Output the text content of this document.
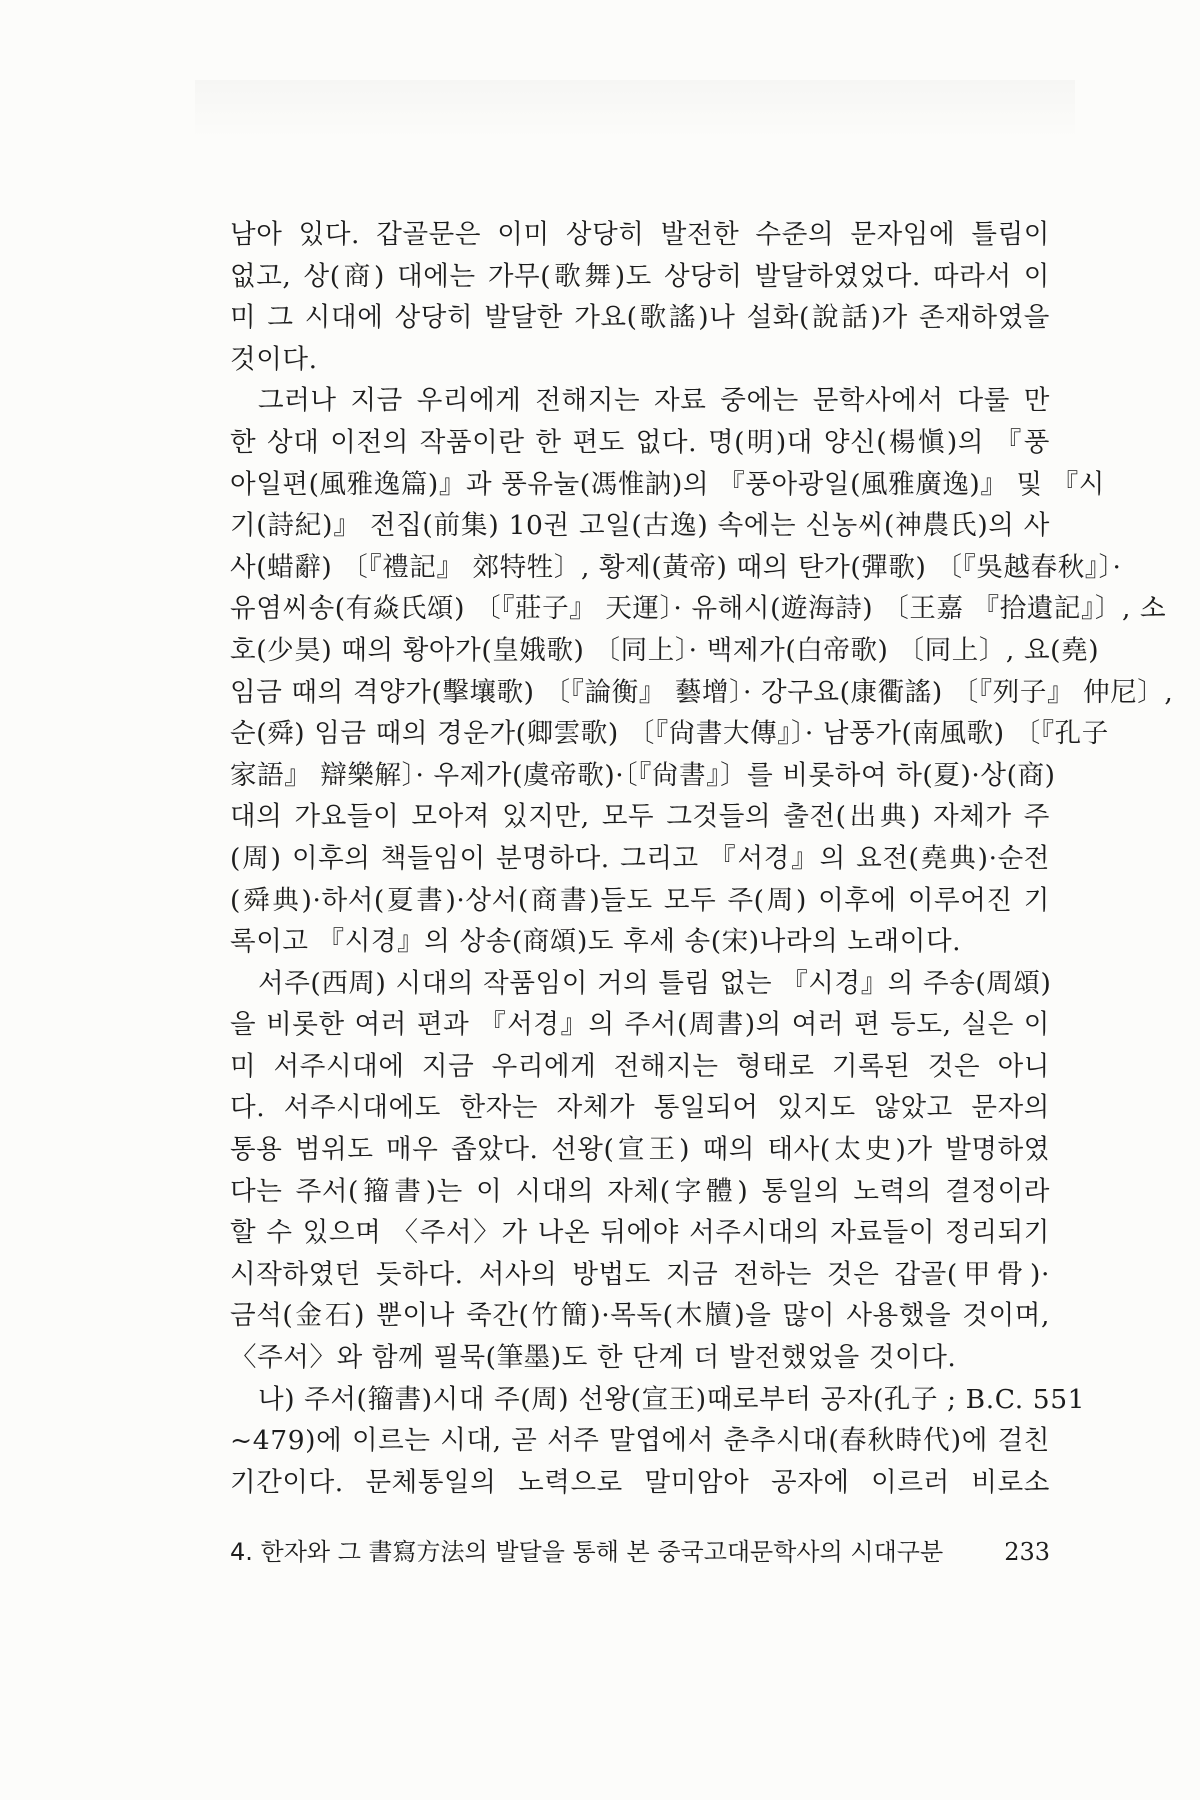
남아 있다. 갑골문은 이미 상당히 발전한 수준의 문자임에 틀림이
없고, 상(商) 대에는 가무(歌舞)도 상당히 발달하였었다. 따라서 이
미 그 시대에 상당히 발달한 가요(歌謠)나 설화(說話)가 존재하였을
것이다.
그러나 지금 우리에게 전해지는 자료 중에는 문학사에서 다룰 만
한 상대 이전의 작품이란 한 편도 없다. 명(明)대 양신(楊愼)의 『풍
아일편(風雅逸篇)』과 풍유눌(馮惟訥)의 『풍아광일(風雅廣逸)』 및 『시
기(詩紀)』 전집(前集) 10권 고일(古逸) 속에는 신농씨(神農氏)의 사
사(蜡辭) 〔『禮記』 郊特牲〕, 황제(黃帝) 때의 탄가(彈歌) 〔『吳越春秋』〕·
유염씨송(有焱氏頌) 〔『莊子』 天運〕· 유해시(遊海詩) 〔王嘉 『拾遺記』〕, 소
호(少昊) 때의 황아가(皇娥歌) 〔同上〕· 백제가(白帝歌) 〔同上〕, 요(堯)
임금 때의 격양가(擊壤歌) 〔『論衡』 藝增〕· 강구요(康衢謠) 〔『列子』 仲尼〕,
순(舜) 임금 때의 경운가(卿雲歌) 〔『尙書大傳』〕· 남풍가(南風歌) 〔『孔子
家語』 辯樂解〕· 우제가(虞帝歌)·〔『尙書』〕를 비롯하여 하(夏)·상(商)
대의 가요들이 모아져 있지만, 모두 그것들의 출전(出典) 자체가 주
(周) 이후의 책들임이 분명하다. 그리고 『서경』의 요전(堯典)·순전
(舜典)·하서(夏書)·상서(商書)들도 모두 주(周) 이후에 이루어진 기
록이고 『시경』의 상송(商頌)도 후세 송(宋)나라의 노래이다.
서주(西周) 시대의 작품임이 거의 틀림 없는 『시경』의 주송(周頌)
을 비롯한 여러 편과 『서경』의 주서(周書)의 여러 편 등도, 실은 이
미 서주시대에 지금 우리에게 전해지는 형태로 기록된 것은 아니
다. 서주시대에도 한자는 자체가 통일되어 있지도 않았고 문자의
통용 범위도 매우 좁았다. 선왕(宣王) 때의 태사(太史)가 발명하였
다는 주서(籀書)는 이 시대의 자체(字體) 통일의 노력의 결정이라
할 수 있으며 〈주서〉가 나온 뒤에야 서주시대의 자료들이 정리되기
시작하였던 듯하다. 서사의 방법도 지금 전하는 것은 갑골(甲骨)·
금석(金石) 뿐이나 죽간(竹簡)·목독(木牘)을 많이 사용했을 것이며,
〈주서〉와 함께 필묵(筆墨)도 한 단계 더 발전했었을 것이다.
나) 주서(籀書)시대 주(周) 선왕(宣王)때로부터 공자(孔子 ; B.C. 551
~479)에 이르는 시대, 곧 서주 말엽에서 춘추시대(春秋時代)에 걸친
기간이다. 문체통일의 노력으로 말미암아 공자에 이르러 비로소
4. 한자와 그 書寫方法의 발달을 통해 본 중국고대문학사의 시대구분	233
